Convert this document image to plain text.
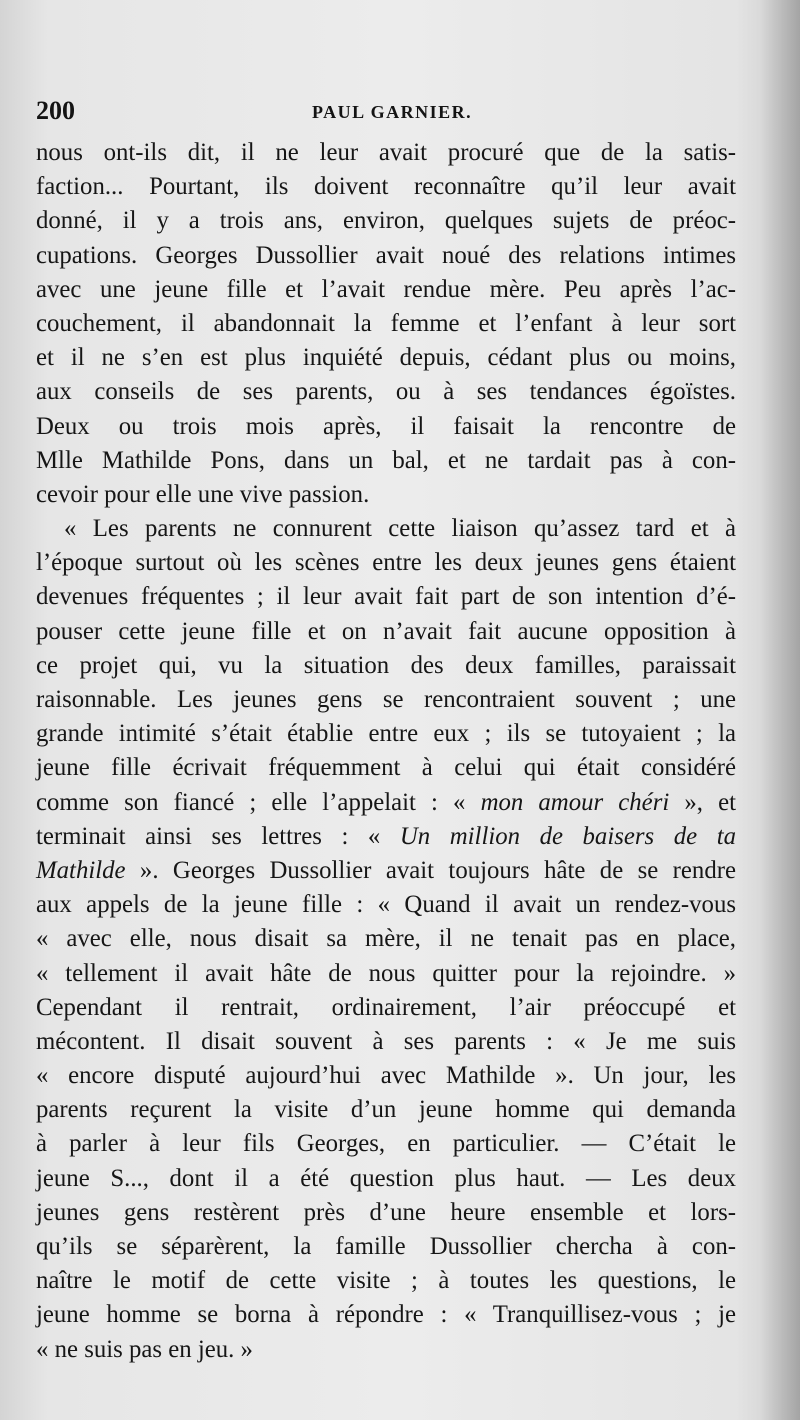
200	PAUL GARNIER.
nous ont-ils dit, il ne leur avait procuré que de la satis-
faction... Pourtant, ils doivent reconnaître qu’il leur avait
donné, il y a trois ans, environ, quelques sujets de préoc-
cupations. Georges Dussollier avait noué des relations intimes
avec une jeune fille et l’avait rendue mère. Peu après l’ac-
couchement, il abandonnait la femme et l’enfant à leur sort
et il ne s’en est plus inquiété depuis, cédant plus ou moins,
aux conseils de ses parents, ou à ses tendances égoïstes.
Deux ou trois mois après, il faisait la rencontre de
Mlle Mathilde Pons, dans un bal, et ne tardait pas à con-
cevoir pour elle une vive passion.
« Les parents ne connurent cette liaison qu’assez tard et à
l’époque surtout où les scènes entre les deux jeunes gens étaient
devenues fréquentes ; il leur avait fait part de son intention d’é-
pouser cette jeune fille et on n’avait fait aucune opposition à
ce projet qui, vu la situation des deux familles, paraissait
raisonnable. Les jeunes gens se rencontraient souvent ; une
grande intimité s’était établie entre eux ; ils se tutoyaient ; la
jeune fille écrivait fréquemment à celui qui était considéré
comme son fiancé ; elle l’appelait : « mon amour chéri », et
terminait ainsi ses lettres : « Un million de baisers de ta
Mathilde ». Georges Dussollier avait toujours hâte de se rendre
aux appels de la jeune fille : « Quand il avait un rendez-vous
« avec elle, nous disait sa mère, il ne tenait pas en place,
« tellement il avait hâte de nous quitter pour la rejoindre. »
Cependant il rentrait, ordinairement, l’air préoccupé et
mécontent. Il disait souvent à ses parents : « Je me suis
« encore disputé aujourd’hui avec Mathilde ». Un jour, les
parents reçurent la visite d’un jeune homme qui demanda
à parler à leur fils Georges, en particulier. — C’était le
jeune S..., dont il a été question plus haut. — Les deux
jeunes gens restèrent près d’une heure ensemble et lors-
qu’ils se séparèrent, la famille Dussollier chercha à con-
naître le motif de cette visite ; à toutes les questions, le
jeune homme se borna à répondre : « Tranquillisez-vous ; je
« ne suis pas en jeu. »
